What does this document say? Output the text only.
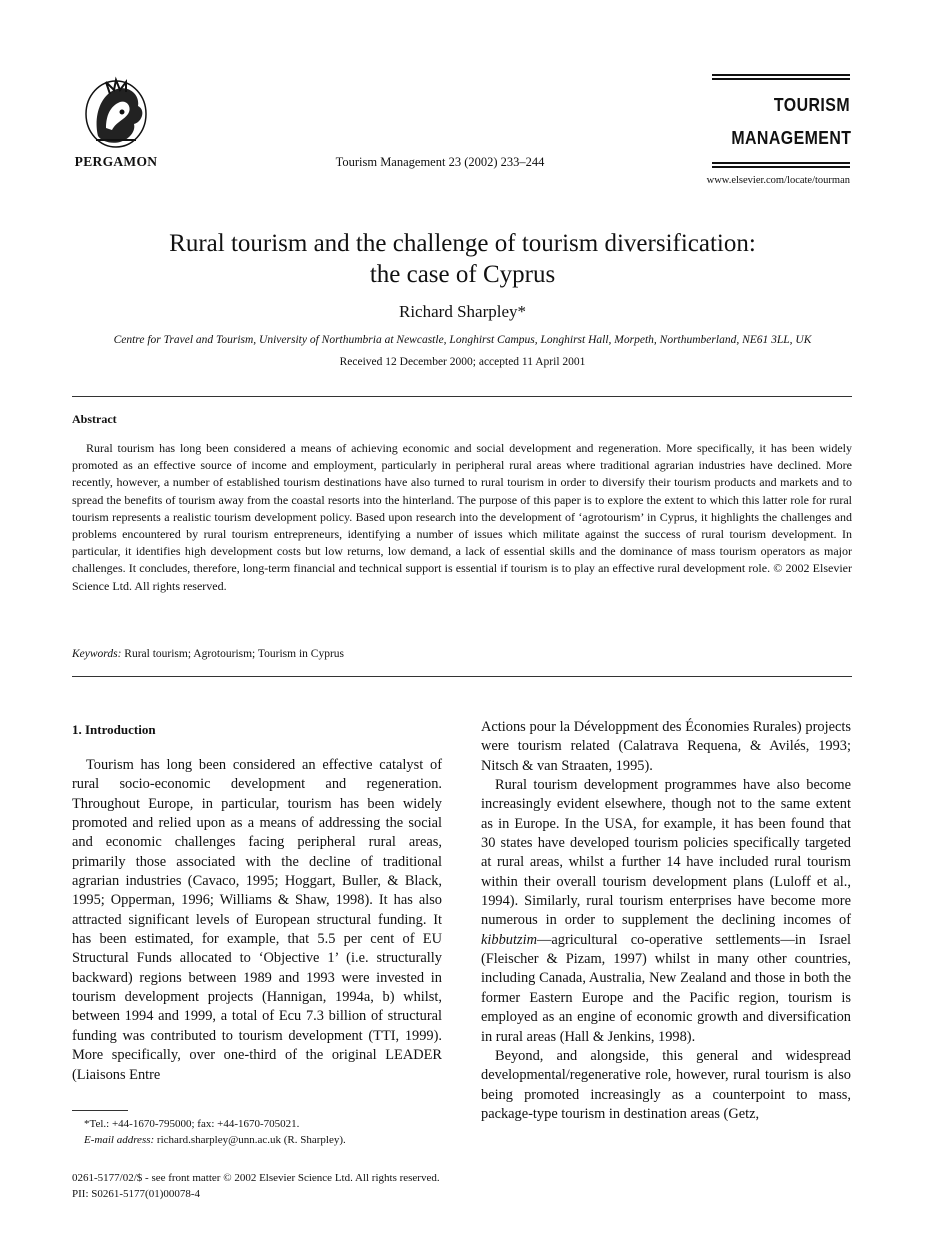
PERGAMON	Tourism Management 23 (2002) 233–244
TOURISM
MANAGEMENT
www.elsevier.com/locate/tourman
Rural tourism and the challenge of tourism diversification:
the case of Cyprus
Richard Sharpley*
Centre for Travel and Tourism, University of Northumbria at Newcastle, Longhirst Campus, Longhirst Hall, Morpeth, Northumberland, NE61 3LL, UK
Received 12 December 2000; accepted 11 April 2001
Abstract

Rural tourism has long been considered a means of achieving economic and social development and regeneration. More specifically, it has been widely promoted as an effective source of income and employment, particularly in peripheral rural areas where traditional agrarian industries have declined. More recently, however, a number of established tourism destinations have also turned to rural tourism in order to diversify their tourism products and markets and to spread the benefits of tourism away from the coastal resorts into the hinterland. The purpose of this paper is to explore the extent to which this latter role for rural tourism represents a realistic tourism development policy. Based upon research into the development of ‘agrotourism’ in Cyprus, it highlights the challenges and problems encountered by rural tourism entrepreneurs, identifying a number of issues which militate against the success of rural tourism development. In particular, it identifies high development costs but low returns, low demand, a lack of essential skills and the dominance of mass tourism operators as major challenges. It concludes, therefore, long-term financial and technical support is essential if tourism is to play an effective rural development role. © 2002 Elsevier Science Ltd. All rights reserved.

Keywords: Rural tourism; Agrotourism; Tourism in Cyprus
1. Introduction

Tourism has long been considered an effective catalyst of rural socio-economic development and regeneration. Throughout Europe, in particular, tourism has been widely promoted and relied upon as a means of addressing the social and economic challenges facing peripheral rural areas, primarily those associated with the decline of traditional agrarian industries (Cavaco, 1995; Hoggart, Buller, & Black, 1995; Opperman, 1996; Williams & Shaw, 1998). It has also attracted significant levels of European structural funding. It has been estimated, for example, that 5.5 per cent of EU Structural Funds allocated to ‘Objective 1’ (i.e. structurally backward) regions between 1989 and 1993 were invested in tourism development projects (Hannigan, 1994a, b) whilst, between 1994 and 1999, a total of Ecu 7.3 billion of structural funding was contributed to tourism development (TTI, 1999). More specifically, over one-third of the original LEADER (Liaisons Entre

Actions pour la Développment des Économies Rurales) projects were tourism related (Calatrava Requena, & Avilés, 1993; Nitsch & van Straaten, 1995).

Rural tourism development programmes have also become increasingly evident elsewhere, though not to the same extent as in Europe. In the USA, for example, it has been found that 30 states have developed tourism policies specifically targeted at rural areas, whilst a further 14 have included rural tourism within their overall tourism development plans (Luloff et al., 1994). Similarly, rural tourism enterprises have become more numerous in order to supplement the declining incomes of kibbutzim—agricultural co-operative settlements—in Israel (Fleischer & Pizam, 1997) whilst in many other countries, including Canada, Australia, New Zealand and those in both the former Eastern Europe and the Pacific region, tourism is employed as an engine of economic growth and diversification in rural areas (Hall & Jenkins, 1998).

Beyond, and alongside, this general and widespread developmental/regenerative role, however, rural tourism is also being promoted increasingly as a counterpoint to mass, package-type tourism in destination areas (Getz,

*Tel.: +44-1670-795000; fax: +44-1670-705021.
E-mail address: richard.sharpley@unn.ac.uk (R. Sharpley).
0261-5177/02/$ - see front matter © 2002 Elsevier Science Ltd. All rights reserved.
PII: S0261-5177(01)00078-4
